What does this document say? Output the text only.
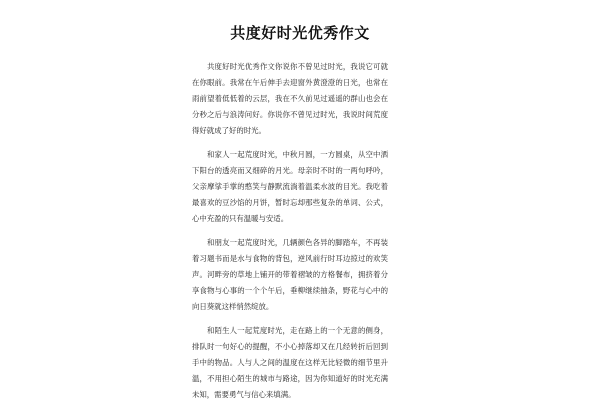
共度好时光优秀作文

共度好时光优秀作文你说你不曾见过时光，我说它可就在你眼前。我常在午后伸手去迎窗外黄澄澄的日光，也常在雨前望着低低着的云层，我在不久前见过遥遥的群山也会在分秒之后与浪涛问好。你说你不曾见过时光，我说时间荒度得好就成了好的时光。

和家人一起荒度时光，中秋月圆，一方圆桌，从空中洒下阳台的透亮而又细碎的月光。母亲时不时的一两句呼吟，父亲摩挲手掌的憨笑与静默流淌着温柔水波的目光。我吃着最喜欢的豆沙馅的月饼，暂时忘却那些复杂的单词、公式，心中充盈的只有温暖与安适。

和朋友一起荒度时光，几辆颜色各异的脚踏车，不再装着习题书而是水与食物的背包，逆风前行时耳边掠过的欢笑声。河畔旁的草地上铺开的带着褶皱的方格餐布，拥挤着分享食物与心事的一个个午后，垂柳继续抽条，野花与心中的向日葵就这样悄然绽放。

和陌生人一起荒度时光，走在路上的一个无意的侧身，排队时一句好心的提醒，不小心掉落却又在几经转折后回到手中的物品。人与人之间的温度在这样无比轻微的细节里升温，不用担心陌生的城市与路途，因为你知道好的时光充满未知，需要勇气与信心来填满。
